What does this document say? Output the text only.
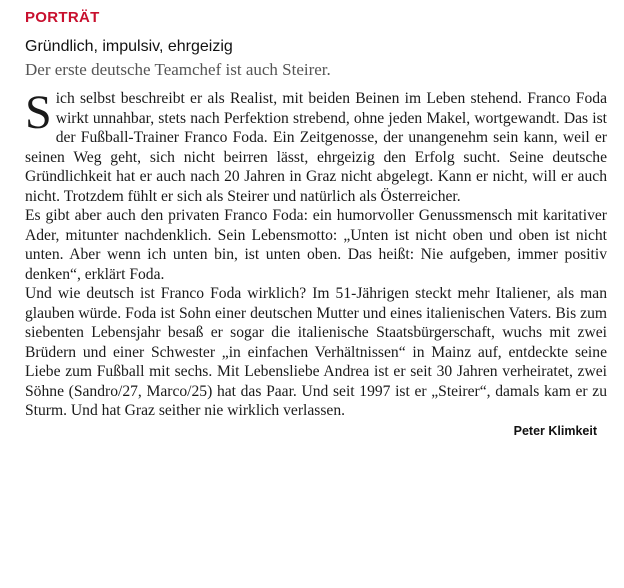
PORTRÄT
Gründlich, impulsiv, ehrgeizig
Der erste deutsche Teamchef ist auch Steirer.

Sich selbst beschreibt er als Realist, mit beiden Beinen im Leben stehend. Franco Foda wirkt unnahbar, stets nach Perfektion strebend, ohne jeden Makel, wortgewandt. Das ist der Fußball-Trainer Franco Foda. Ein Zeitgenosse, der unangenehm sein kann, weil er seinen Weg geht, sich nicht beirren lässt, ehrgeizig den Erfolg sucht. Seine deutsche Gründlichkeit hat er auch nach 20 Jahren in Graz nicht abgelegt. Kann er nicht, will er auch nicht. Trotzdem fühlt er sich als Steirer und natürlich als Österreicher.

Es gibt aber auch den privaten Franco Foda: ein humorvoller Genussmensch mit karitativer Ader, mitunter nachdenklich. Sein Lebensmotto: „Unten ist nicht oben und oben ist nicht unten. Aber wenn ich unten bin, ist unten oben. Das heißt: Nie aufgeben, immer positiv denken“, erklärt Foda.

Und wie deutsch ist Franco Foda wirklich? Im 51-Jährigen steckt mehr Italiener, als man glauben würde. Foda ist Sohn einer deutschen Mutter und eines italienischen Vaters. Bis zum siebenten Lebensjahr besaß er sogar die italienische Staatsbürgerschaft, wuchs mit zwei Brüdern und einer Schwester „in einfachen Verhältnissen“ in Mainz auf, entdeckte seine Liebe zum Fußball mit sechs. Mit Lebensliebe Andrea ist er seit 30 Jahren verheiratet, zwei Söhne (Sandro/27, Marco/25) hat das Paar. Und seit 1997 ist er „Steirer“, damals kam er zu Sturm. Und hat Graz seither nie wirklich verlassen.

Peter Klimkeit
